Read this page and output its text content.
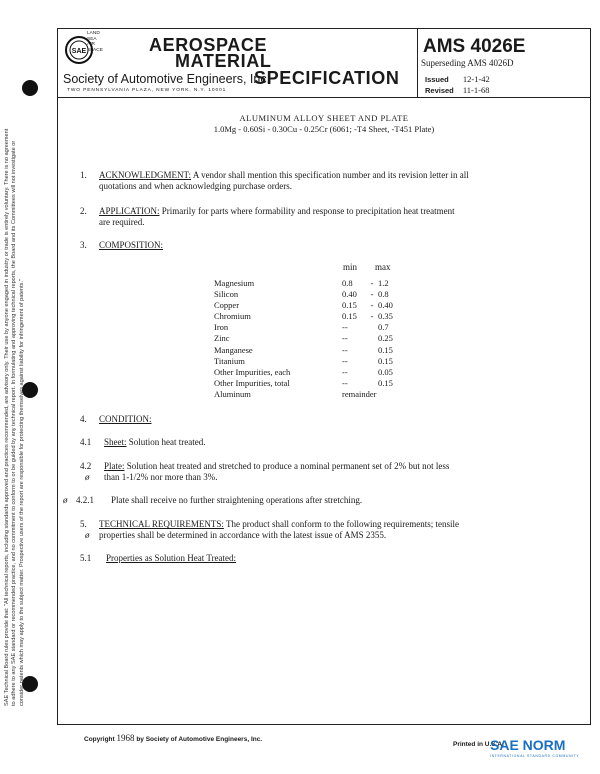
SAE Technical Board rules provide that: "All technical reports, including standards approved and practices recommended, are advisory only. Their use by anyone engaged in industry or trade is entirely voluntary. There is no agreement to adhere to any SAE standard or recommended practice, and no commitment to conform to or be guided by any technical report. In formulating and approving technical reports, the Board and its Committees will not investigate or consider patents which may apply to the subject matter. Prospective users of the report are responsible for protecting themselves against liability for infringement of patents."
SAE
LAND
SEA
AIR
SPACE	AEROSPACE
MATERIAL
SPECIFICATION
Society of Automotive Engineers, Inc.
TWO PENNSYLVANIA PLAZA, NEW YORK, N.Y. 10001
AMS 4026E
Superseding AMS 4026D
Issued 12-1-42
Revised 11-1-68
ALUMINUM ALLOY SHEET AND PLATE
1.0Mg - 0.60Si - 0.30Cu - 0.25Cr (6061; -T4 Sheet, -T451 Plate)
1. ACKNOWLEDGMENT: A vendor shall mention this specification number and its revision letter in all
quotations and when acknowledging purchase orders.
2. APPLICATION: Primarily for parts where formability and response to precipitation heat treatment
are required.
3. COMPOSITION:
min max
Magnesium	0.8	-	1.2
Silicon	0.40	-	0.8
Copper	0.15	-	0.40
Chromium	0.15	-	0.35
Iron	--		0.7
Zinc	--		0.25
Manganese	--		0.15
Titanium	--		0.15
Other Impurities, each	--		0.05
Other Impurities, total	--		0.15
Aluminum	remainder		
4. CONDITION:
4.1 Sheet: Solution heat treated.
4.2 Plate: Solution heat treated and stretched to produce a nominal permanent set of 2% but not less
ø than 1-1/2% nor more than 3%.
ø 4.2.1 Plate shall receive no further straightening operations after stretching.
5. TECHNICAL REQUIREMENTS: The product shall conform to the following requirements; tensile
ø properties shall be determined in accordance with the latest issue of AMS 2355.
5.1 Properties as Solution Heat Treated:
Copyright 1968 by Society of Automotive Engineers, Inc.
Printed in U.S.A.
SAE NORM
INTERNATIONAL STANDARD COMMUNITY
